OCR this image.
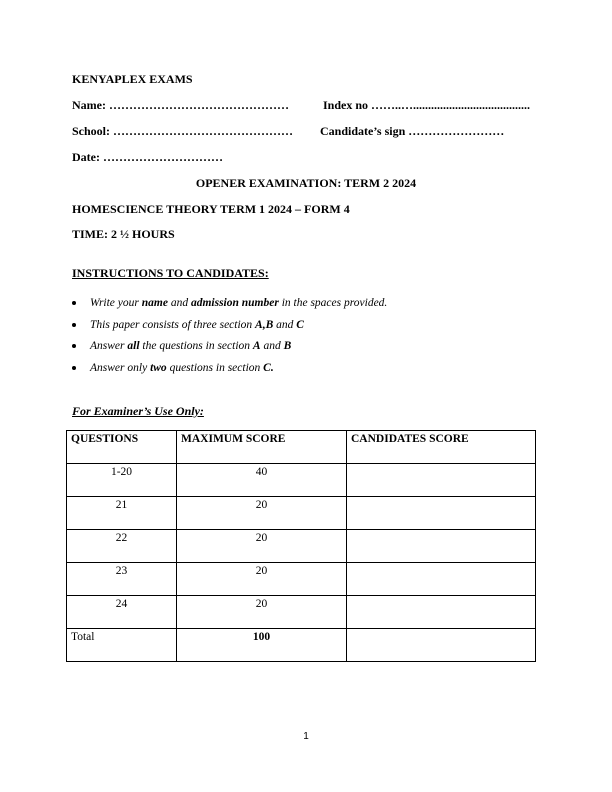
KENYAPLEX EXAMS
Name: ………………………………………	Index no ……..….......................................
School: ……………………………………… Candidate’s sign ……………………
Date: …………………………
OPENER EXAMINATION: TERM 2 2024
HOMESCIENCE THEORY TERM 1 2024 – FORM 4
TIME: 2 ½ HOURS
INSTRUCTIONS TO CANDIDATES:
Write your name and admission number in the spaces provided.
This paper consists of three section A,B and C
Answer all the questions in section A and B
Answer only two questions in section C.
For Examiner’s Use Only:
QUESTIONS	MAXIMUM SCORE	CANDIDATES SCORE
1-20	40	
21	20	
22	20	
23	20	
24	20	
Total	100	
1
